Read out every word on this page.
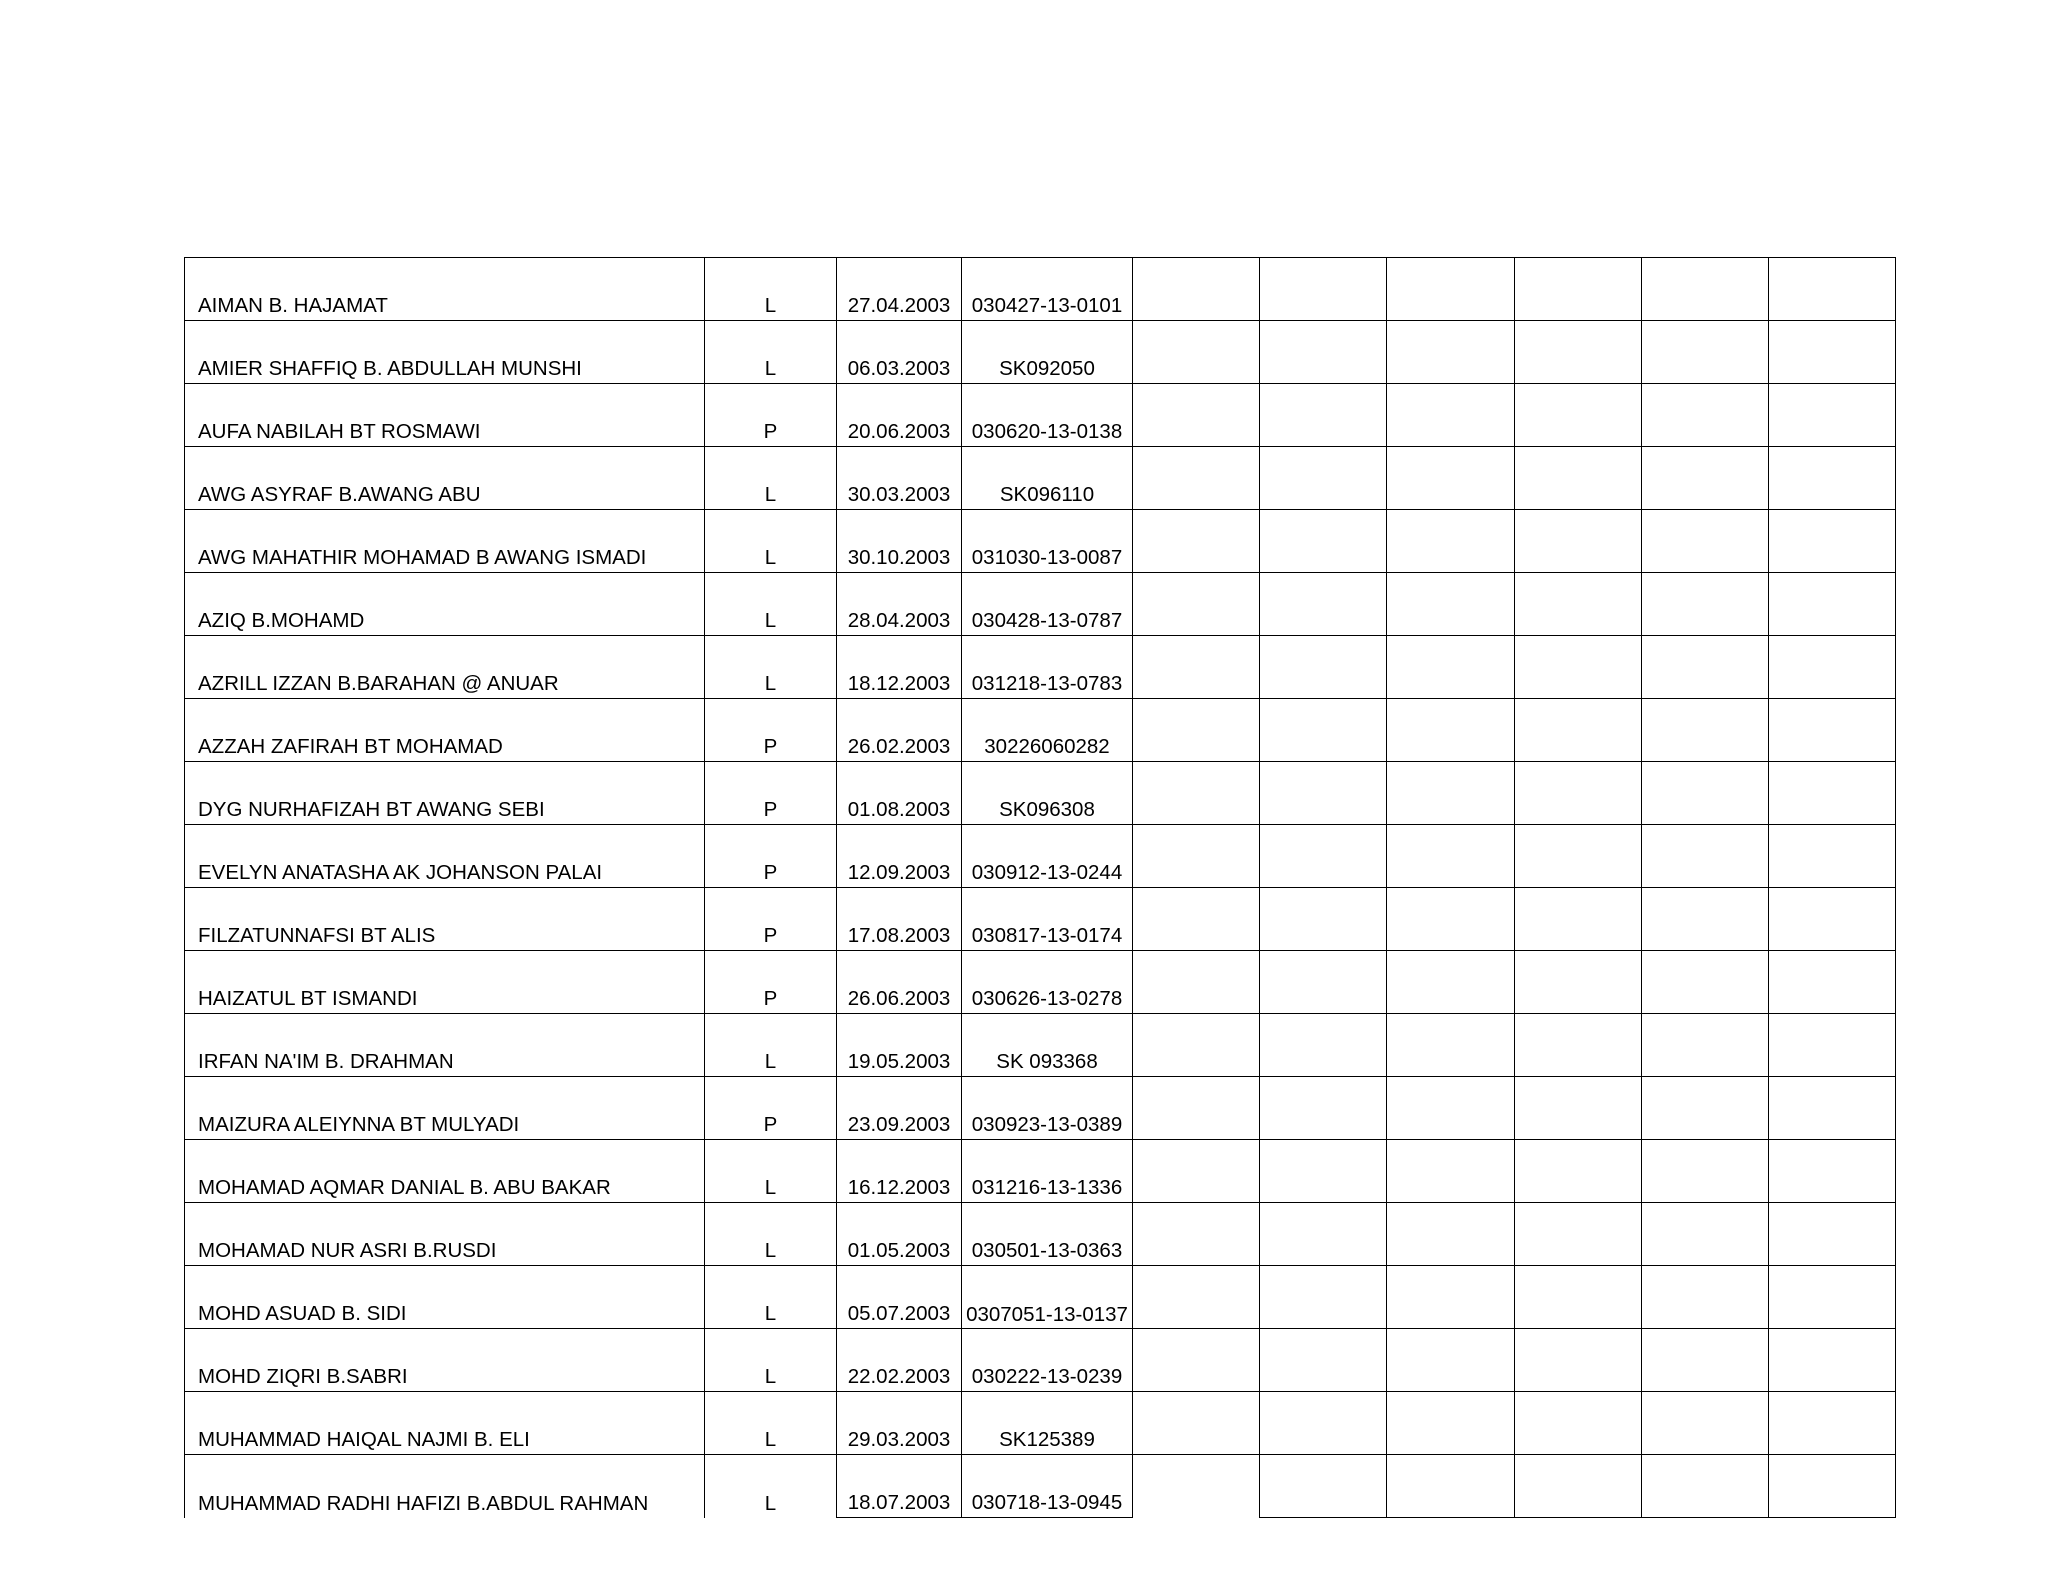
AIMAN B. HAJAMAT	L	27.04.2003	030427-13-0101						
AMIER SHAFFIQ B. ABDULLAH MUNSHI	L	06.03.2003	SK092050						
AUFA NABILAH BT ROSMAWI	P	20.06.2003	030620-13-0138						
AWG ASYRAF B.AWANG ABU	L	30.03.2003	SK096110						
AWG MAHATHIR MOHAMAD B AWANG ISMADI	L	30.10.2003	031030-13-0087						
AZIQ B.MOHAMD	L	28.04.2003	030428-13-0787						
AZRILL IZZAN B.BARAHAN @ ANUAR	L	18.12.2003	031218-13-0783						
AZZAH ZAFIRAH BT MOHAMAD	P	26.02.2003	30226060282						
DYG NURHAFIZAH BT AWANG SEBI	P	01.08.2003	SK096308						
EVELYN ANATASHA AK JOHANSON PALAI	P	12.09.2003	030912-13-0244						
FILZATUNNAFSI BT ALIS	P	17.08.2003	030817-13-0174						
HAIZATUL BT ISMANDI	P	26.06.2003	030626-13-0278						
IRFAN NA'IM B. DRAHMAN	L	19.05.2003	SK 093368						
MAIZURA ALEIYNNA BT MULYADI	P	23.09.2003	030923-13-0389						
MOHAMAD AQMAR DANIAL B. ABU BAKAR	L	16.12.2003	031216-13-1336						
MOHAMAD NUR ASRI B.RUSDI	L	01.05.2003	030501-13-0363						
MOHD ASUAD B. SIDI	L	05.07.2003	0307051-13-0137						
MOHD ZIQRI B.SABRI	L	22.02.2003	030222-13-0239						
MUHAMMAD HAIQAL NAJMI B. ELI	L	29.03.2003	SK125389						
MUHAMMAD RADHI HAFIZI B.ABDUL RAHMAN	L	18.07.2003	030718-13-0945						
